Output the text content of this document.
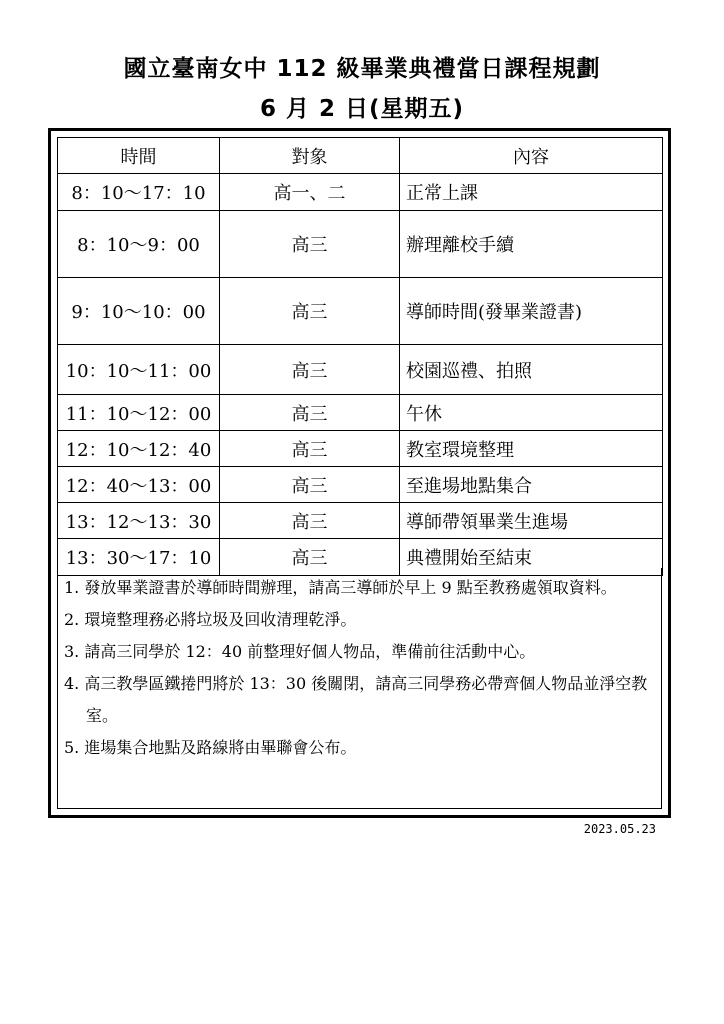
國立臺南女中 112 級畢業典禮當日課程規劃
6 月 2 日(星期五)
時間	對象	內容
8：10～17：10	高一、二	正常上課
8：10～9：00	高三	辦理離校手續
9：10～10：00	高三	導師時間(發畢業證書)
10：10～11：00	高三	校園巡禮、拍照
11：10～12：00	高三	午休
12：10～12：40	高三	教室環境整理
12：40～13：00	高三	至進場地點集合
13：12～13：30	高三	導師帶領畢業生進場
13：30～17：10	高三	典禮開始至結束

1. 發放畢業證書於導師時間辦理，請高三導師於早上 9 點至教務處領取資料。

2. 環境整理務必將垃圾及回收清理乾淨。

3. 請高三同學於 12：40 前整理好個人物品，準備前往活動中心。

4. 高三教學區鐵捲門將於 13：30 後關閉，請高三同學務必帶齊個人物品並淨空教室。

5. 進場集合地點及路線將由畢聯會公布。

2023.05.23
